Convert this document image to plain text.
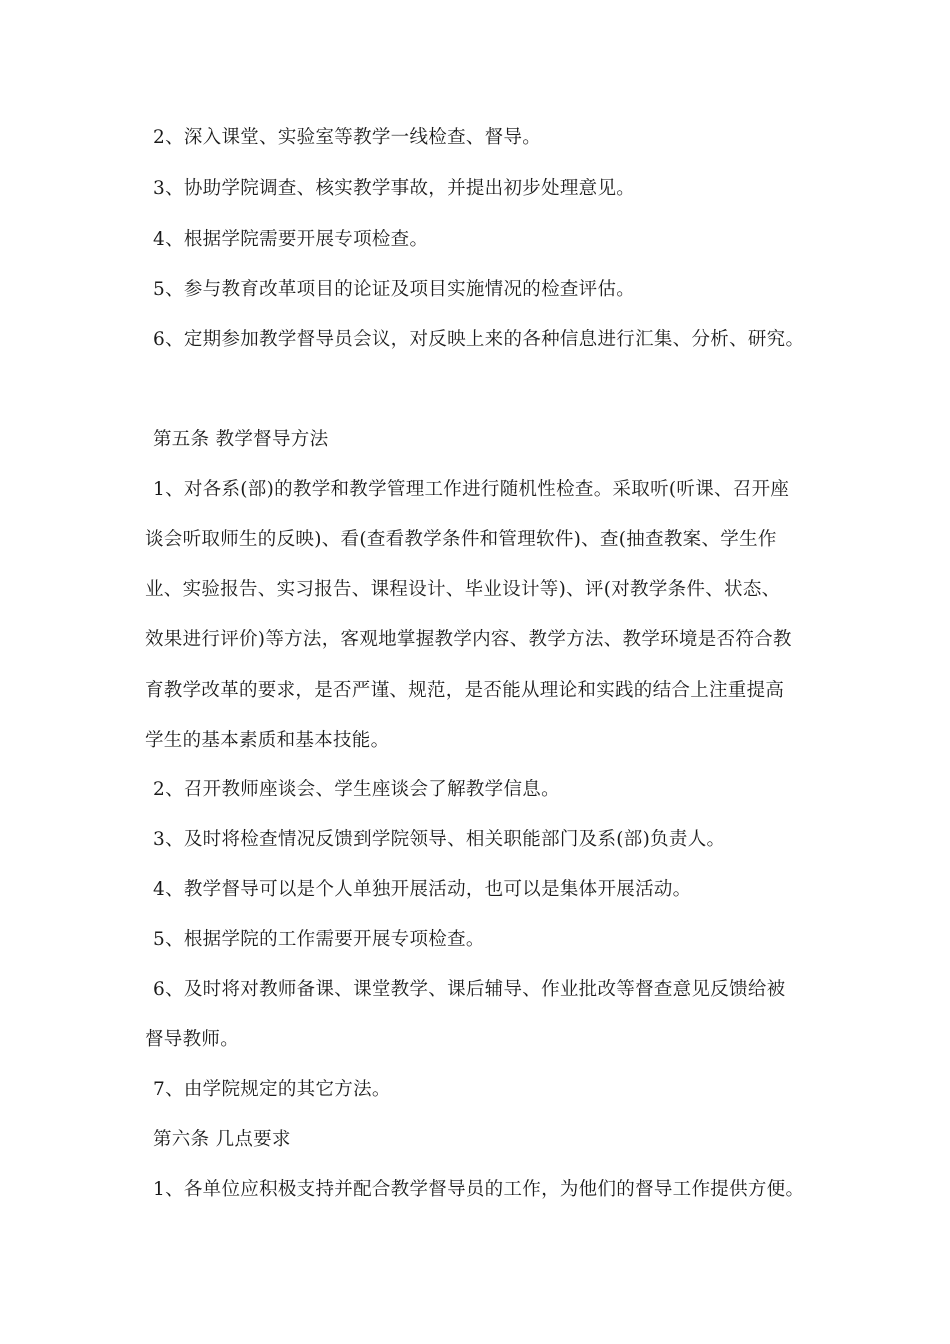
2、深入课堂、实验室等教学一线检查、督导。
3、协助学院调查、核实教学事故，并提出初步处理意见。
4、根据学院需要开展专项检查。
5、参与教育改革项目的论证及项目实施情况的检查评估。
6、定期参加教学督导员会议，对反映上来的各种信息进行汇集、分析、研究。
第五条 教学督导方法
1、对各系(部)的教学和教学管理工作进行随机性检查。采取听(听课、召开座
谈会听取师生的反映)、看(查看教学条件和管理软件)、查(抽查教案、学生作
业、实验报告、实习报告、课程设计、毕业设计等)、评(对教学条件、状态、
效果进行评价)等方法，客观地掌握教学内容、教学方法、教学环境是否符合教
育教学改革的要求，是否严谨、规范，是否能从理论和实践的结合上注重提高
学生的基本素质和基本技能。
2、召开教师座谈会、学生座谈会了解教学信息。
3、及时将检查情况反馈到学院领导、相关职能部门及系(部)负责人。
4、教学督导可以是个人单独开展活动，也可以是集体开展活动。
5、根据学院的工作需要开展专项检查。
6、及时将对教师备课、课堂教学、课后辅导、作业批改等督查意见反馈给被
督导教师。
7、由学院规定的其它方法。
第六条 几点要求
1、各单位应积极支持并配合教学督导员的工作，为他们的督导工作提供方便。
